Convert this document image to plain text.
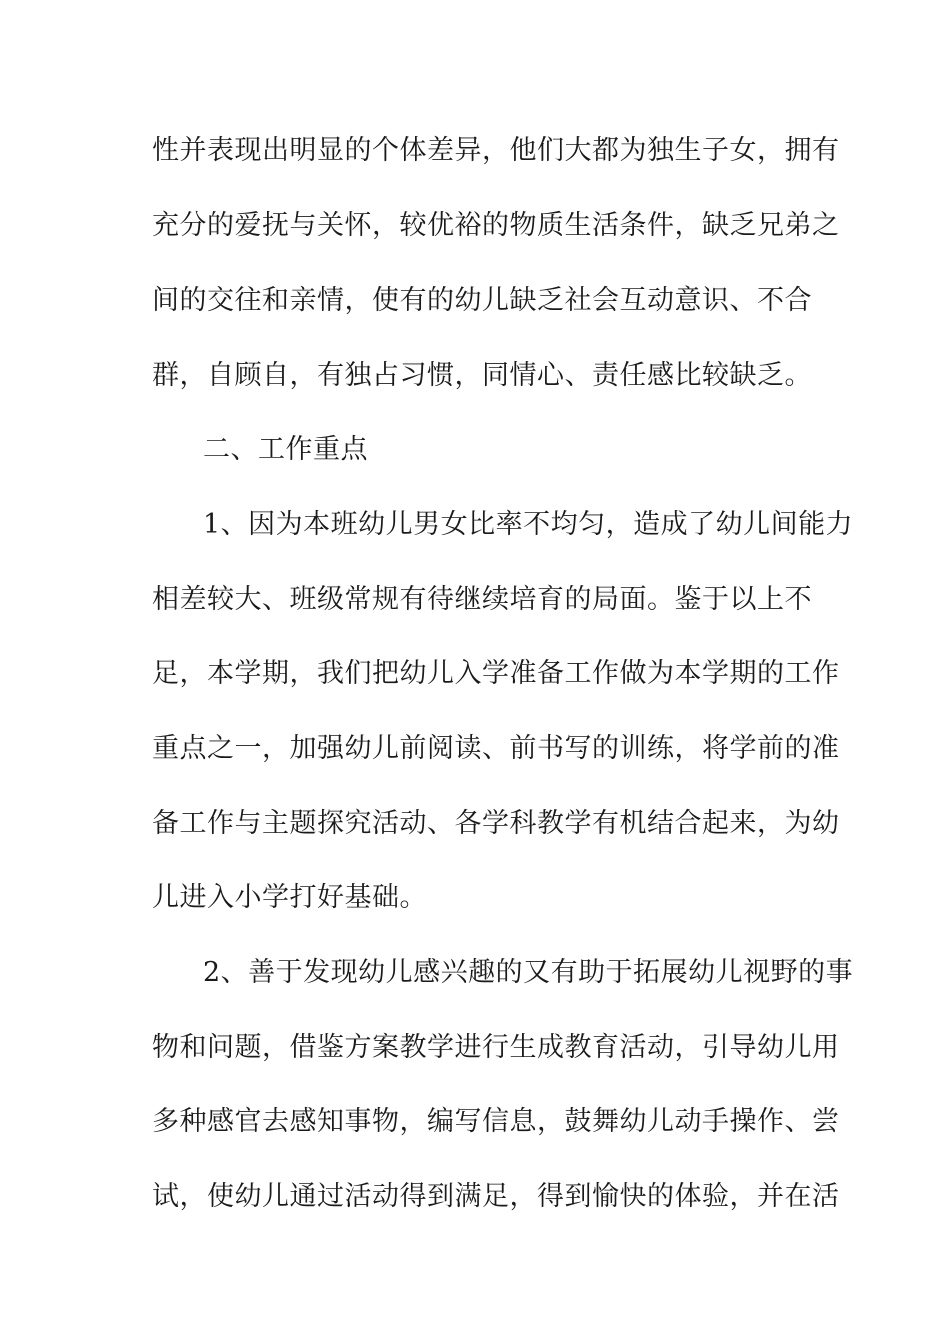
性并表现出明显的个体差异，他们大都为独生子女，拥有
充分的爱抚与关怀，较优裕的物质生活条件，缺乏兄弟之
间的交往和亲情，使有的幼儿缺乏社会互动意识、不合
群，自顾自，有独占习惯，同情心、责任感比较缺乏。
二、工作重点
1、因为本班幼儿男女比率不均匀，造成了幼儿间能力
相差较大、班级常规有待继续培育的局面。鉴于以上不
足，本学期，我们把幼儿入学准备工作做为本学期的工作
重点之一，加强幼儿前阅读、前书写的训练，将学前的准
备工作与主题探究活动、各学科教学有机结合起来，为幼
儿进入小学打好基础。
2、善于发现幼儿感兴趣的又有助于拓展幼儿视野的事
物和问题，借鉴方案教学进行生成教育活动，引导幼儿用
多种感官去感知事物，编写信息，鼓舞幼儿动手操作、尝
试，使幼儿通过活动得到满足，得到愉快的体验，并在活
